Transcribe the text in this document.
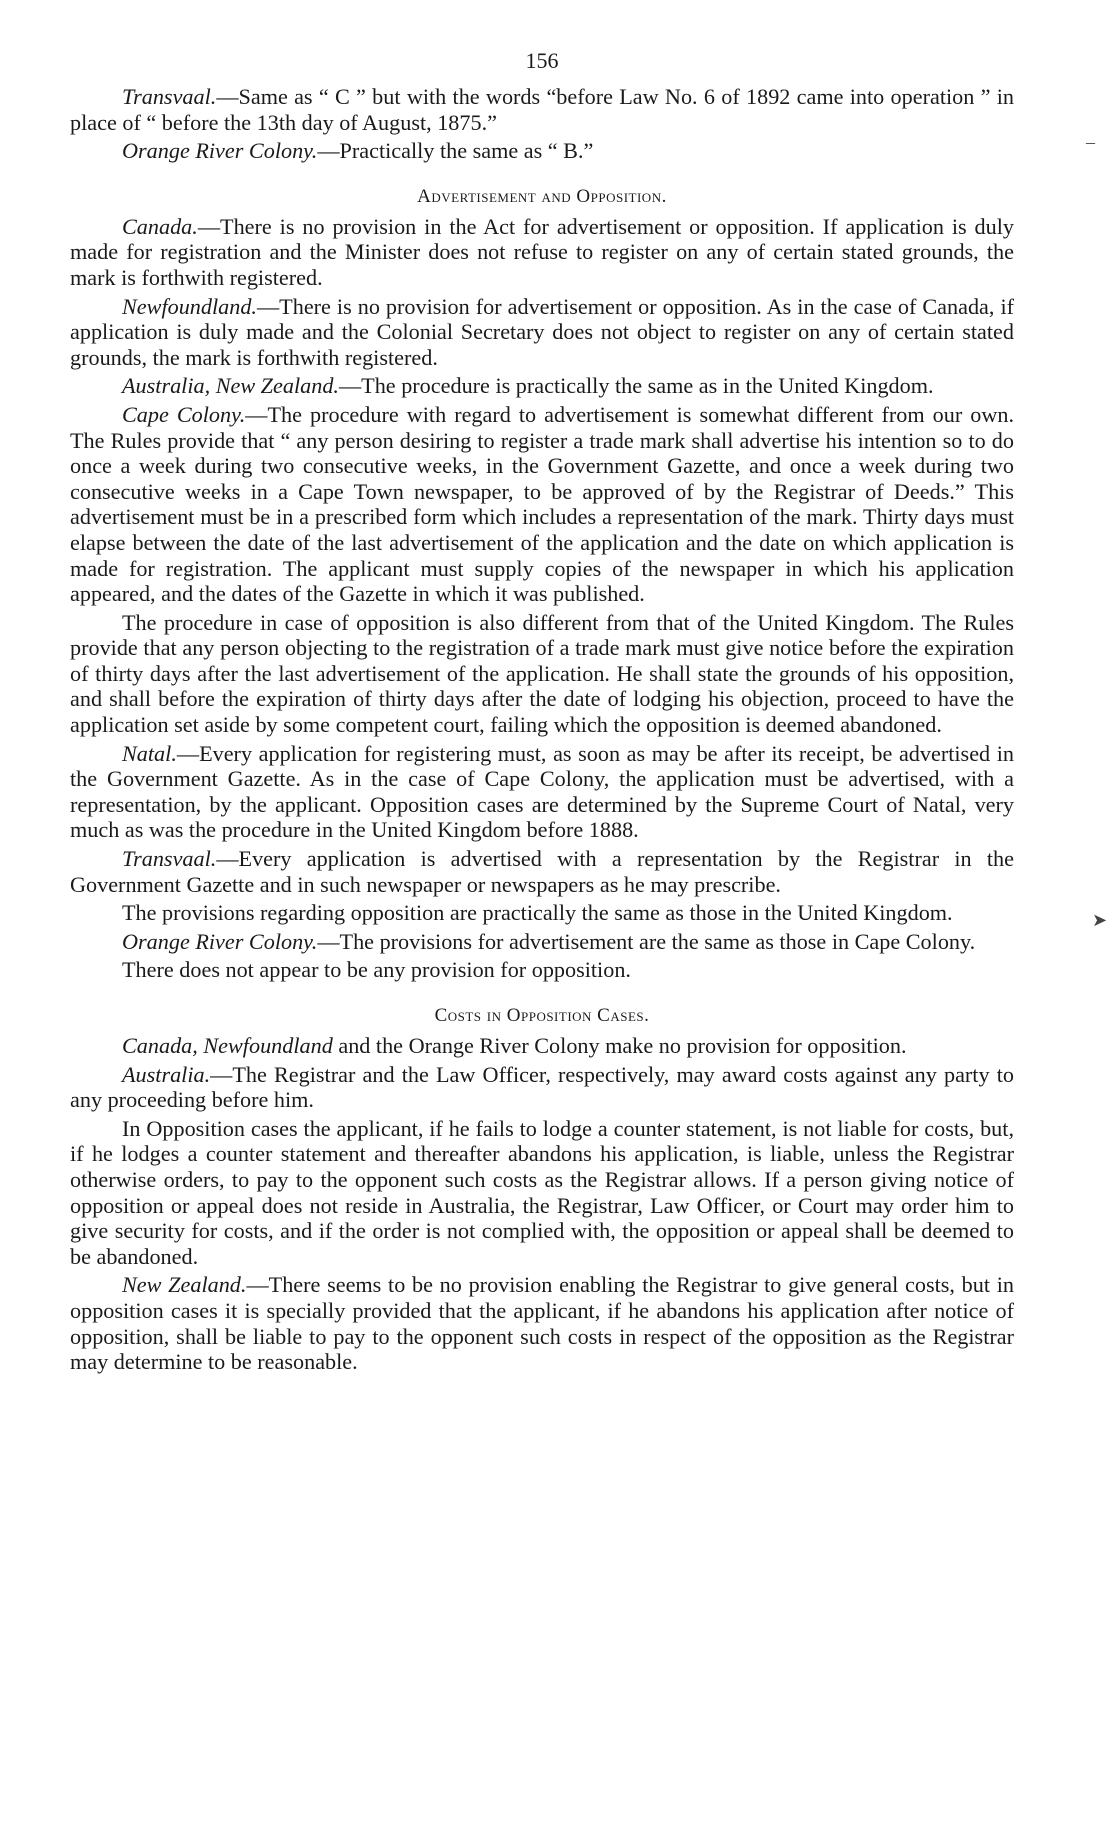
156

Transvaal.—Same as “ C ” but with the words “before Law No. 6 of 1892 came into operation ” in place of “ before the 13th day of August, 1875.”

Orange River Colony.—Practically the same as “ B.”

Advertisement and Opposition.

Canada.—There is no provision in the Act for advertisement or opposition. If application is duly made for registration and the Minister does not refuse to register on any of certain stated grounds, the mark is forthwith registered.

Newfoundland.—There is no provision for advertisement or opposition. As in the case of Canada, if application is duly made and the Colonial Secretary does not object to register on any of certain stated grounds, the mark is forthwith registered.

Australia, New Zealand.—The procedure is practically the same as in the United Kingdom.

Cape Colony.—The procedure with regard to advertisement is somewhat different from our own. The Rules provide that “ any person desiring to register a trade mark shall advertise his intention so to do once a week during two consecutive weeks, in the Government Gazette, and once a week during two consecutive weeks in a Cape Town newspaper, to be approved of by the Registrar of Deeds.” This advertisement must be in a prescribed form which includes a representation of the mark. Thirty days must elapse between the date of the last advertisement of the application and the date on which application is made for registration. The applicant must supply copies of the newspaper in which his application appeared, and the dates of the Gazette in which it was published.

The procedure in case of opposition is also different from that of the United Kingdom. The Rules provide that any person objecting to the registration of a trade mark must give notice before the expiration of thirty days after the last advertisement of the application. He shall state the grounds of his opposition, and shall before the expiration of thirty days after the date of lodging his objection, proceed to have the application set aside by some competent court, failing which the opposition is deemed abandoned.

Natal.—Every application for registering must, as soon as may be after its receipt, be advertised in the Government Gazette. As in the case of Cape Colony, the application must be advertised, with a representation, by the applicant. Opposition cases are determined by the Supreme Court of Natal, very much as was the procedure in the United Kingdom before 1888.

Transvaal.—Every application is advertised with a representation by the Registrar in the Government Gazette and in such newspaper or newspapers as he may prescribe.

The provisions regarding opposition are practically the same as those in the United Kingdom.

Orange River Colony.—The provisions for advertisement are the same as those in Cape Colony.

There does not appear to be any provision for opposition.

Costs in Opposition Cases.

Canada, Newfoundland and the Orange River Colony make no provision for opposition.

Australia.—The Registrar and the Law Officer, respectively, may award costs against any party to any proceeding before him.

In Opposition cases the applicant, if he fails to lodge a counter statement, is not liable for costs, but, if he lodges a counter statement and thereafter abandons his application, is liable, unless the Registrar otherwise orders, to pay to the opponent such costs as the Registrar allows. If a person giving notice of opposition or appeal does not reside in Australia, the Registrar, Law Officer, or Court may order him to give security for costs, and if the order is not complied with, the opposition or appeal shall be deemed to be abandoned.

New Zealand.—There seems to be no provision enabling the Registrar to give general costs, but in opposition cases it is specially provided that the applicant, if he abandons his application after notice of opposition, shall be liable to pay to the opponent such costs in respect of the opposition as the Registrar may determine to be reasonable.

–
➤
